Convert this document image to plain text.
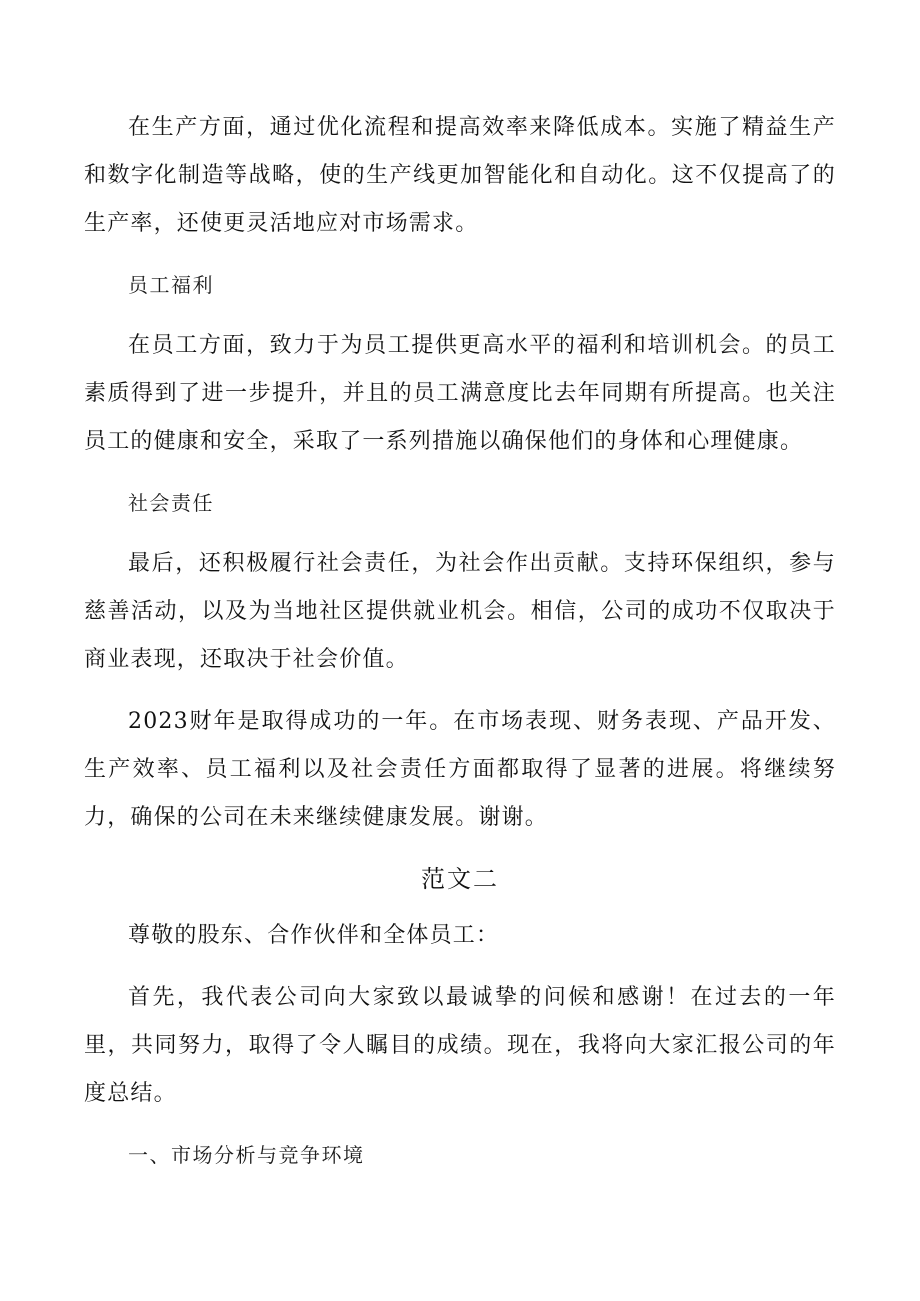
在生产方面，通过优化流程和提高效率来降低成本。实施了精益生产和数字化制造等战略，使的生产线更加智能化和自动化。这不仅提高了的生产率，还使更灵活地应对市场需求。

员工福利

在员工方面，致力于为员工提供更高水平的福利和培训机会。的员工素质得到了进一步提升，并且的员工满意度比去年同期有所提高。也关注员工的健康和安全，采取了一系列措施以确保他们的身体和心理健康。

社会责任

最后，还积极履行社会责任，为社会作出贡献。支持环保组织，参与慈善活动，以及为当地社区提供就业机会。相信，公司的成功不仅取决于商业表现，还取决于社会价值。

2023财年是取得成功的一年。在市场表现、财务表现、产品开发、生产效率、员工福利以及社会责任方面都取得了显著的进展。将继续努力，确保的公司在未来继续健康发展。谢谢。

范文二

尊敬的股东、合作伙伴和全体员工：

首先，我代表公司向大家致以最诚挚的问候和感谢！在过去的一年里，共同努力，取得了令人瞩目的成绩。现在，我将向大家汇报公司的年度总结。

一、市场分析与竞争环境
